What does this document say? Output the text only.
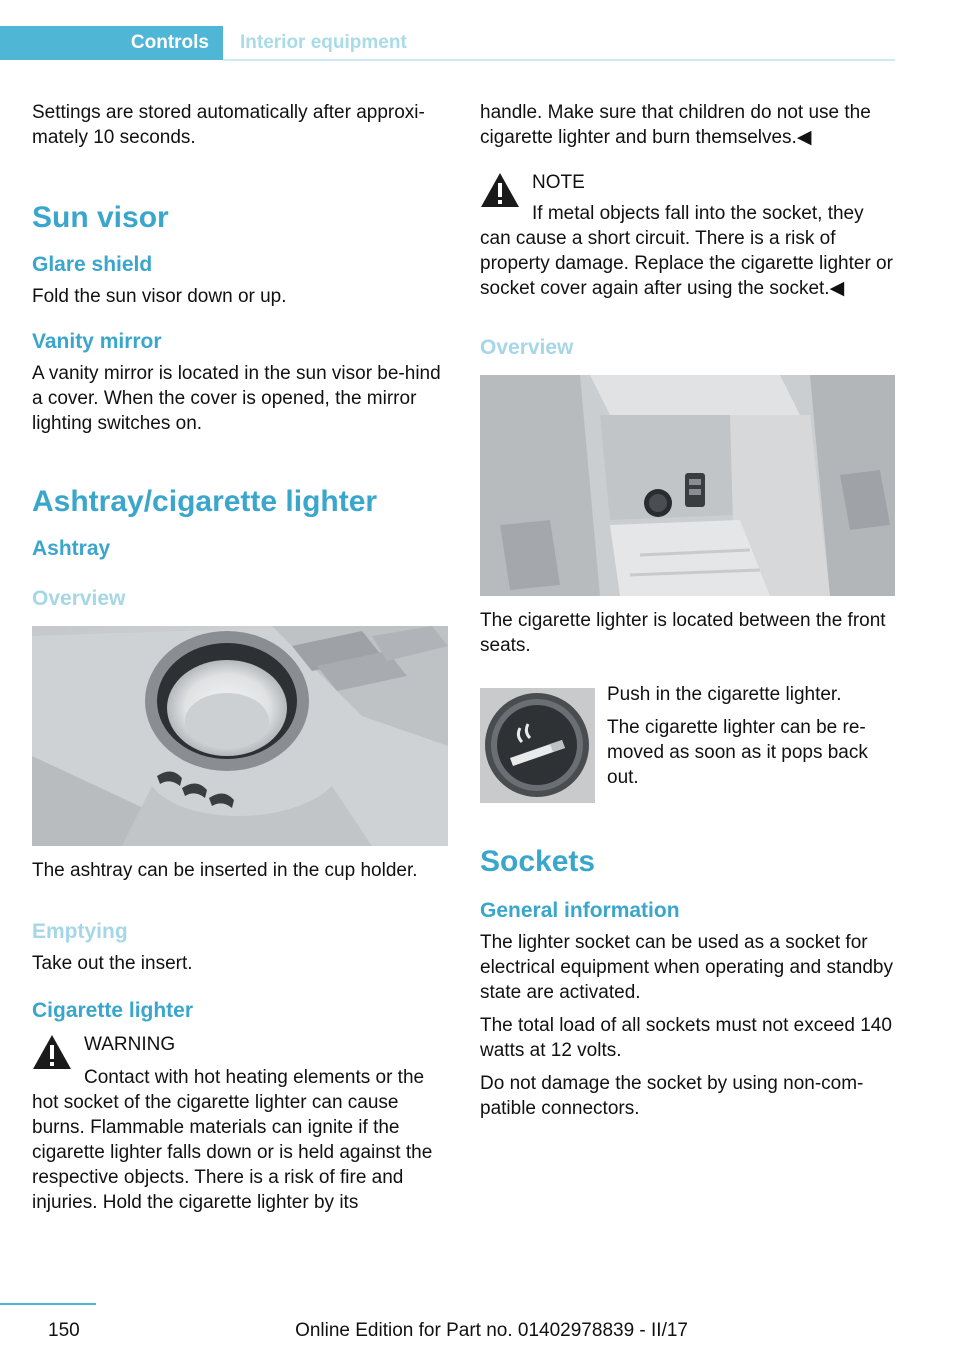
Controls	Interior equipment

Settings are stored automatically after approxi-mately 10 seconds.

Sun visor
Glare shield

Fold the sun visor down or up.

Vanity mirror

A vanity mirror is located in the sun visor be-hind a cover. When the cover is opened, the mirror lighting switches on.

Ashtray/cigarette lighter
Ashtray
Overview

The ashtray can be inserted in the cup holder.

Emptying

Take out the insert.

Cigarette lighter

WARNING

Contact with hot heating elements or the

hot socket of the cigarette lighter can cause burns. Flammable materials can ignite if the cigarette lighter falls down or is held against the respective objects. There is a risk of fire and injuries. Hold the cigarette lighter by its

handle. Make sure that children do not use the cigarette lighter and burn themselves.◀

NOTE

If metal objects fall into the socket, they

can cause a short circuit. There is a risk of property damage. Replace the cigarette lighter or socket cover again after using the socket.◀

Overview

The cigarette lighter is located between the front seats.

Push in the cigarette lighter.

The cigarette lighter can be re-moved as soon as it pops back out.

Sockets
General information

The lighter socket can be used as a socket for electrical equipment when operating and standby state are activated.

The total load of all sockets must not exceed 140 watts at 12 volts.

Do not damage the socket by using non-com-patible connectors.

150	Online Edition for Part no. 01402978839 - II/17
